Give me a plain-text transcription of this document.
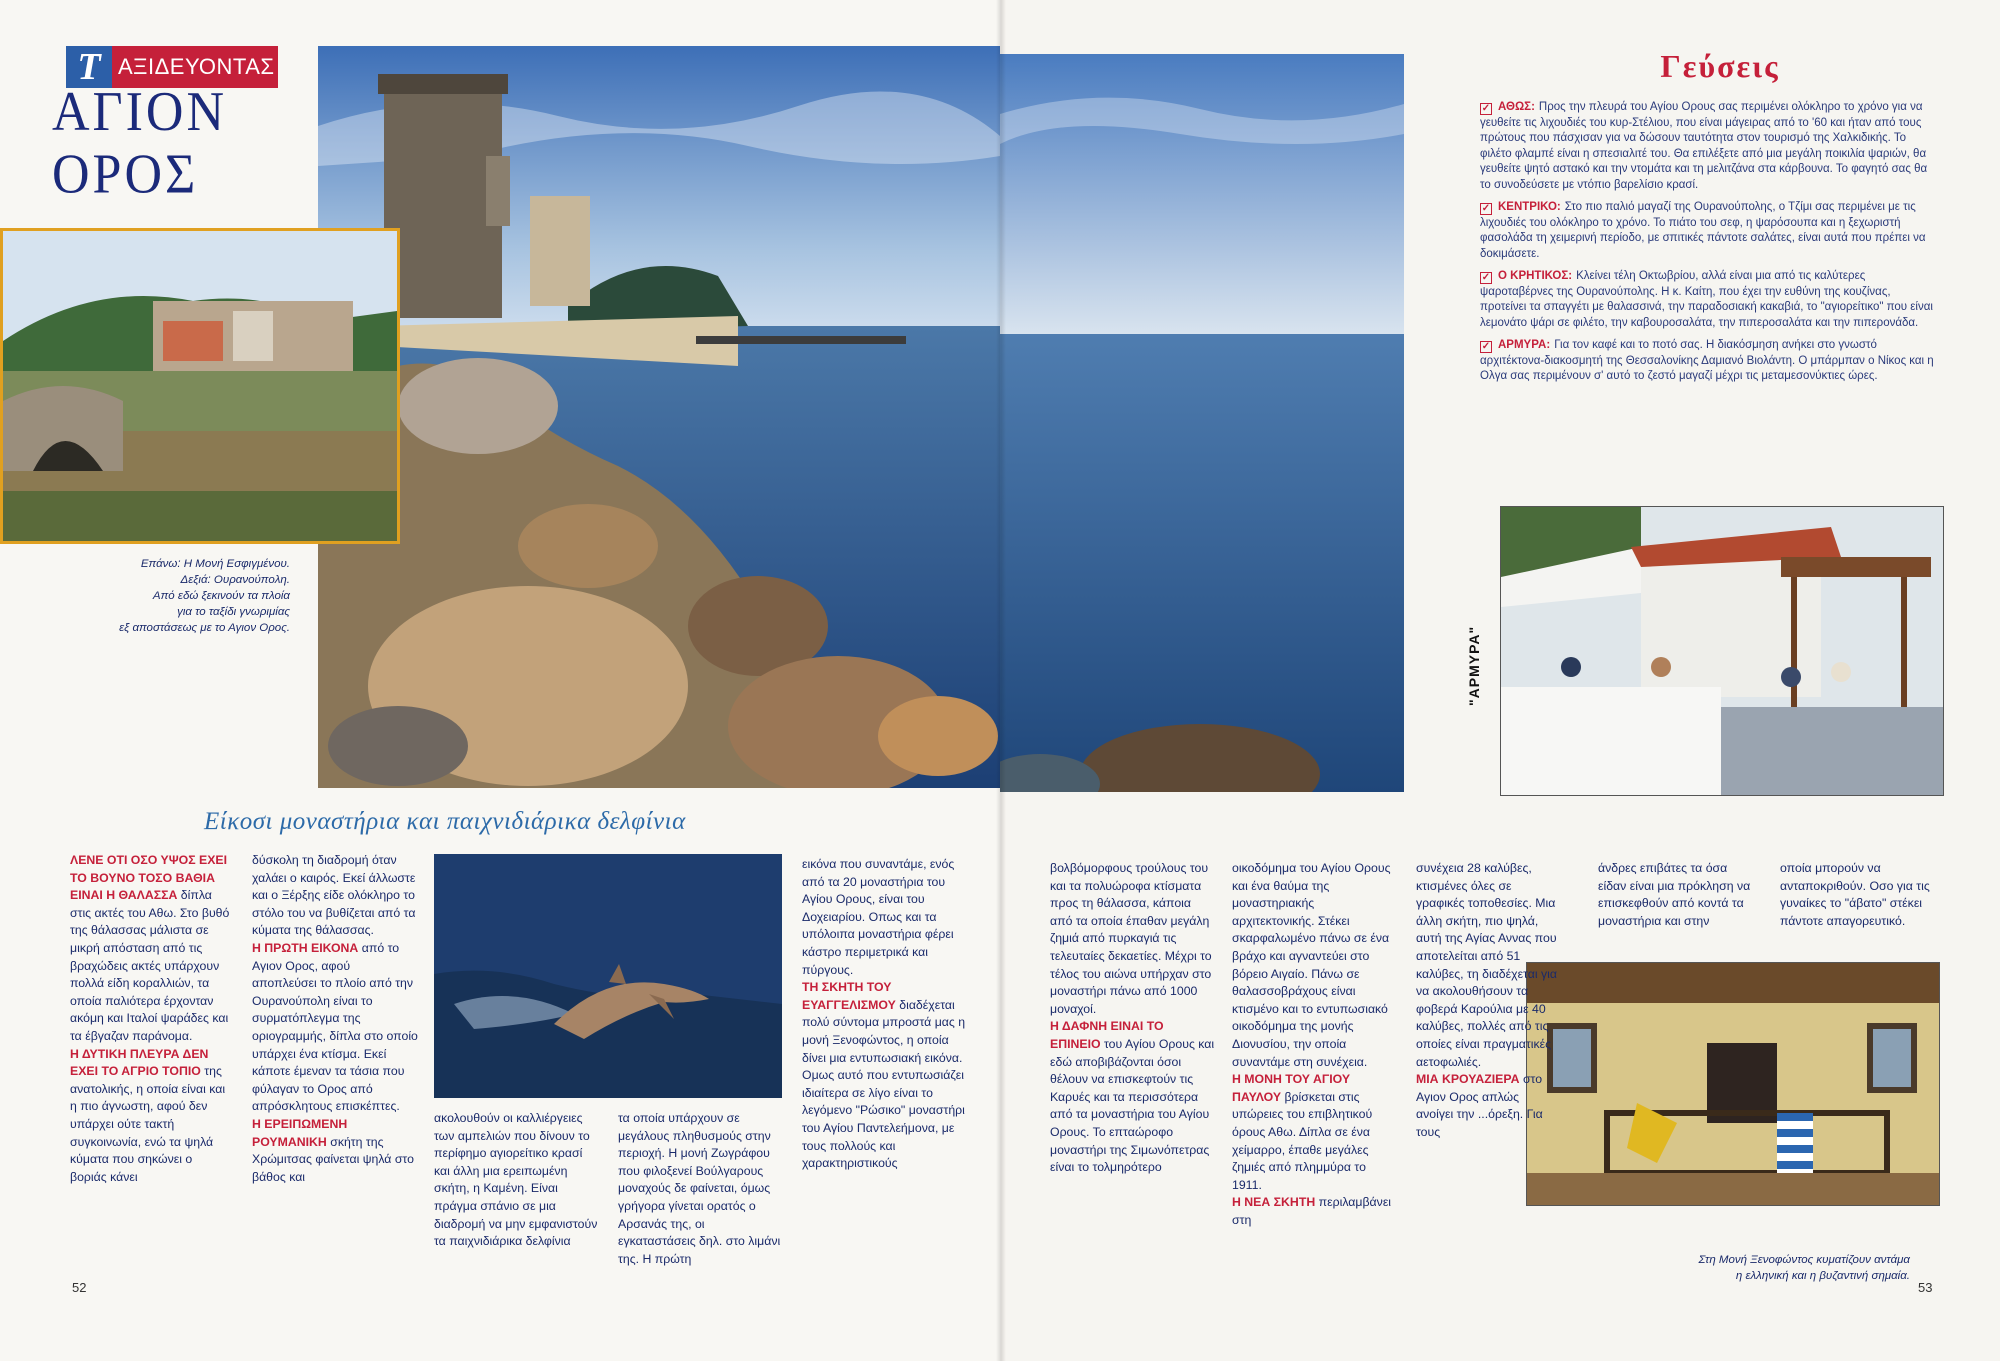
T ΑΞΙΔΕΥΟΝΤΑΣ
ΑΓΙΟΝ ΟΡΟΣ
Επάνω: Η Μονή Εσφιγμένου.
Δεξιά: Ουρανούπολη.
Από εδώ ξεκινούν τα πλοία
για το ταξίδι γνωριμίας
εξ αποστάσεως με το Αγιον Ορος.
Γεύσεις
✓ ΑΘΩΣ: Προς την πλευρά του Αγίου Ορους σας περιμένει ολόκληρο το χρόνο για να γευθείτε τις λιχουδιές του κυρ-Στέλιου, που είναι μάγειρας από το '60 και ήταν από τους πρώτους που πάσχισαν για να δώσουν ταυτότητα στον τουρισμό της Χαλκιδικής. Το φιλέτο φλαμπέ είναι η σπεσιαλιτέ του. Θα επιλέξετε από μια μεγάλη ποικιλία ψαριών, θα γευθείτε ψητό αστακό και την ντομάτα και τη μελιτζάνα στα κάρβουνα. Το φαγητό σας θα το συνοδεύσετε με ντόπιο βαρελίσιο κρασί.
✓ ΚΕΝΤΡΙΚΟ: Στο πιο παλιό μαγαζί της Ουρανούπολης, ο Τζίμι σας περιμένει με τις λιχουδιές του ολόκληρο το χρόνο. Το πιάτο του σεφ, η ψαρόσουπα και η ξεχωριστή φασολάδα τη χειμερινή περίοδο, με σπιτικές πάντοτε σαλάτες, είναι αυτά που πρέπει να δοκιμάσετε.
✓ Ο ΚΡΗΤΙΚΟΣ: Κλείνει τέλη Οκτωβρίου, αλλά είναι μια από τις καλύτερες ψαροταβέρνες της Ουρανούπολης. Η κ. Καίτη, που έχει την ευθύνη της κουζίνας, προτείνει τα σπαγγέτι με θαλασσινά, την παραδοσιακή κακαβιά, το "αγιορείτικο" που είναι λεμονάτο ψάρι σε φιλέτο, την καβουροσαλάτα, την πιπεροσαλάτα και την πιπερονάδα.
✓ ΑΡΜΥΡΑ: Για τον καφέ και το ποτό σας. Η διακόσμηση ανήκει στο γνωστό αρχιτέκτονα-διακοσμητή της Θεσσαλονίκης Δαμιανό Βιολάντη. Ο μπάρμπαν ο Νίκος και η Ολγα σας περιμένουν σ' αυτό το ζεστό μαγαζί μέχρι τις μεταμεσονύκτιες ώρες.
"ΑΡΜΥΡΑ"
Στη Μονή Ξενοφώντος κυματίζουν αντάμα
η ελληνική και η βυζαντινή σημαία.
Είκοσι μοναστήρια και παιχνιδιάρικα δελφίνια

ΛΕΝΕ ΟΤΙ ΟΣΟ ΥΨΟΣ ΕΧΕΙ ΤΟ ΒΟΥΝΟ ΤΟΣΟ ΒΑΘΙΑ ΕΙΝΑΙ Η ΘΑΛΑΣΣΑ δίπλα στις ακτές του Αθω. Στο βυθό της θάλασσας μάλιστα σε μικρή απόσταση από τις βραχώδεις ακτές υπάρχουν πολλά είδη κοραλλιών, τα οποία παλιότερα έρχονταν ακόμη και Ιταλοί ψαράδες και τα έβγαζαν παράνομα.

Η ΔΥΤΙΚΗ ΠΛΕΥΡΑ ΔΕΝ ΕΧΕΙ ΤΟ ΑΓΡΙΟ ΤΟΠΙΟ της ανατολικής, η οποία είναι και η πιο άγνωστη, αφού δεν υπάρχει ούτε τακτή συγκοινωνία, ενώ τα ψηλά κύματα που σηκώνει ο βοριάς κάνει

δύσκολη τη διαδρομή όταν χαλάει ο καιρός. Εκεί άλλωστε και ο Ξέρξης είδε ολόκληρο το στόλο του να βυθίζεται από τα κύματα της θάλασσας.

Η ΠΡΩΤΗ ΕΙΚΟΝΑ από το Αγιον Ορος, αφού αποπλεύσει το πλοίο από την Ουρανούπολη είναι το συρματόπλεγμα της οριογραμμής, δίπλα στο οποίο υπάρχει ένα κτίσμα. Εκεί κάποτε έμεναν τα τάσια που φύλαγαν το Ορος από απρόσκλητους επισκέπτες.

Η ΕΡΕΙΠΩΜΕΝΗ ΡΟΥΜΑΝΙΚΗ σκήτη της Χρώμιτσας φαίνεται ψηλά στο βάθος και

ακολουθούν οι καλλιέργειες των αμπελιών που δίνουν το περίφημο αγιορείτικο κρασί και άλλη μια ερειπωμένη σκήτη, η Καμένη. Είναι πράγμα σπάνιο σε μια διαδρομή να μην εμφανιστούν τα παιχνιδιάρικα δελφίνια

τα οποία υπάρχουν σε μεγάλους πληθυσμούς στην περιοχή. Η μονή Ζωγράφου που φιλοξενεί Βούλγαρους μοναχούς δε φαίνεται, όμως γρήγορα γίνεται ορατός ο Αρσανάς της, οι εγκαταστάσεις δηλ. στο λιμάνι της. Η πρώτη

εικόνα που συναντάμε, ενός από τα 20 μοναστήρια του Αγίου Ορους, είναι του Δοχειαρίου. Οπως και τα υπόλοιπα μοναστήρια φέρει κάστρο περιμετρικά και πύργους.

ΤΗ ΣΚΗΤΗ ΤΟΥ ΕΥΑΓΓΕΛΙΣΜΟΥ διαδέχεται πολύ σύντομα μπροστά μας η μονή Ξενοφώντος, η οποία δίνει μια εντυπωσιακή εικόνα. Ομως αυτό που εντυπωσιάζει ιδιαίτερα σε λίγο είναι το λεγόμενο "Ρώσικο" μοναστήρι του Αγίου Παντελεήμονα, με τους πολλούς και χαρακτηριστικούς

βολβόμορφους τρούλους του και τα πολυώροφα κτίσματα προς τη θάλασσα, κάποια από τα οποία έπαθαν μεγάλη ζημιά από πυρκαγιά τις τελευταίες δεκαετίες. Μέχρι το τέλος του αιώνα υπήρχαν στο μοναστήρι πάνω από 1000 μοναχοί.

Η ΔΑΦΝΗ ΕΙΝΑΙ ΤΟ ΕΠΙΝΕΙΟ του Αγίου Ορους και εδώ αποβιβάζονται όσοι θέλουν να επισκεφτούν τις Καρυές και τα περισσότερα από τα μοναστήρια του Αγίου Ορους. Το επταώροφο μοναστήρι της Σιμωνόπετρας είναι το τολμηρότερο

οικοδόμημα του Αγίου Ορους και ένα θαύμα της μοναστηριακής αρχιτεκτονικής. Στέκει σκαρφαλωμένο πάνω σε ένα βράχο και αγναντεύει στο βόρειο Αιγαίο. Πάνω σε θαλασσοβράχους είναι κτισμένο και το εντυπωσιακό οικοδόμημα της μονής Διονυσίου, την οποία συναντάμε στη συνέχεια.

Η ΜΟΝΗ ΤΟΥ ΑΓΙΟΥ ΠΑΥΛΟΥ βρίσκεται στις υπώρειες του επιβλητικού όρους Αθω. Δίπλα σε ένα χείμαρρο, έπαθε μεγάλες ζημιές από πλημμύρα το 1911.

Η ΝΕΑ ΣΚΗΤΗ περιλαμβάνει στη

συνέχεια 28 καλύβες, κτισμένες όλες σε γραφικές τοποθεσίες. Μια άλλη σκήτη, πιο ψηλά, αυτή της Αγίας Αννας που αποτελείται από 51 καλύβες, τη διαδέχεται για να ακολουθήσουν τα φοβερά Καρούλια με 40 καλύβες, πολλές από τις οποίες είναι πραγματικές αετοφωλιές.

ΜΙΑ ΚΡΟΥΑΖΙΕΡΑ στο Αγιον Ορος απλώς ανοίγει την ...όρεξη. Για τους

άνδρες επιβάτες τα όσα είδαν είναι μια πρόκληση να επισκεφθούν από κοντά τα μοναστήρια και στην

οποία μπορούν να ανταποκριθούν. Οσο για τις γυναίκες το "άβατο" στέκει πάντοτε απαγορευτικό.

52	53
